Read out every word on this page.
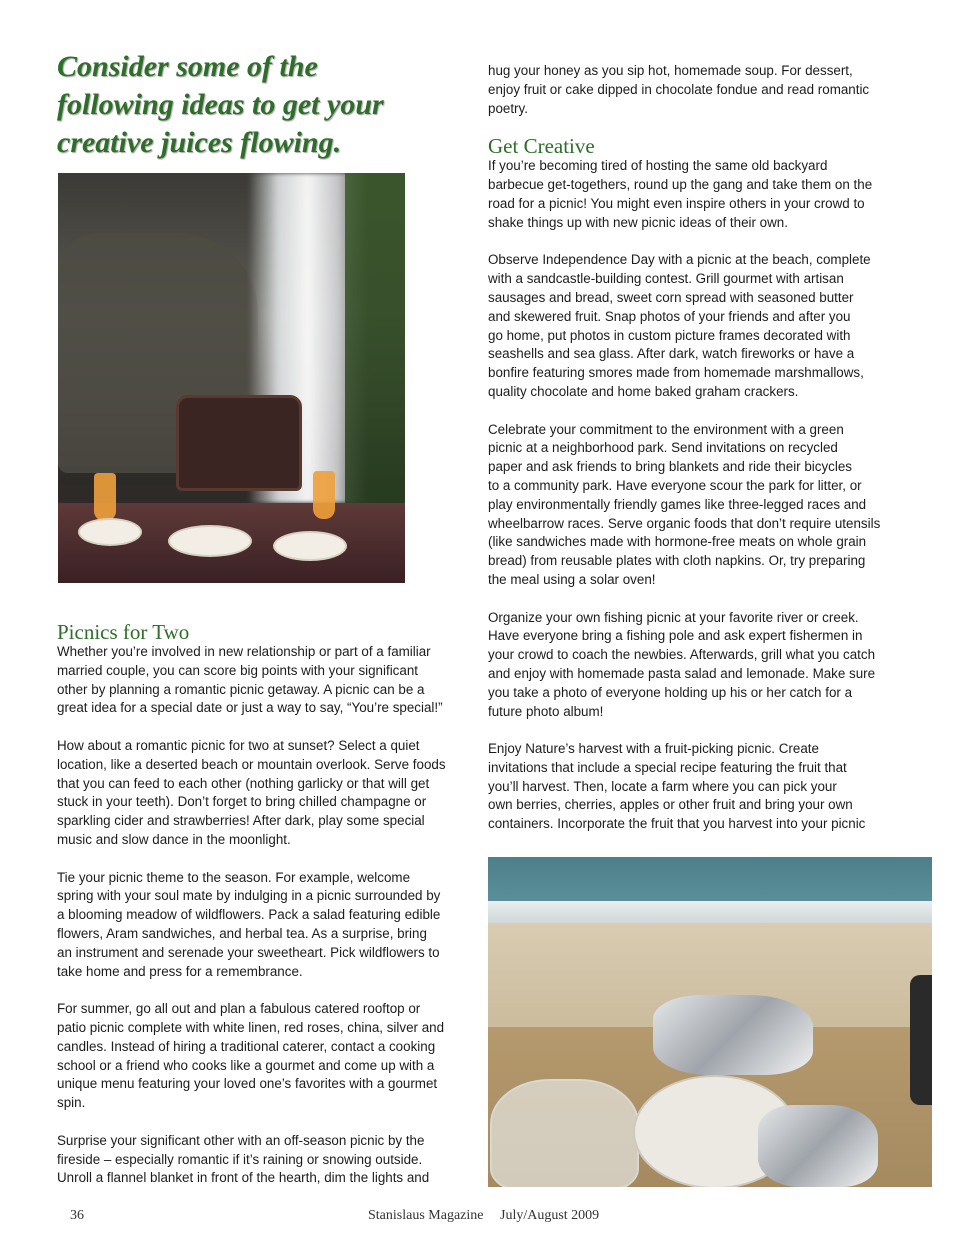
Consider some of the
following ideas to get your
creative juices flowing.
Picnics for Two

Whether you’re involved in new relationship or part of a familiar
married couple, you can score big points with your significant
other by planning a romantic picnic getaway. A picnic can be a
great idea for a special date or just a way to say, “You’re special!”

How about a romantic picnic for two at sunset? Select a quiet
location, like a deserted beach or mountain overlook. Serve foods
that you can feed to each other (nothing garlicky or that will get
stuck in your teeth). Don’t forget to bring chilled champagne or
sparkling cider and strawberries! After dark, play some special
music and slow dance in the moonlight.

Tie your picnic theme to the season. For example, welcome
spring with your soul mate by indulging in a picnic surrounded by
a blooming meadow of wildflowers. Pack a salad featuring edible
flowers, Aram sandwiches, and herbal tea. As a surprise, bring
an instrument and serenade your sweetheart. Pick wildflowers to
take home and press for a remembrance.

For summer, go all out and plan a fabulous catered rooftop or
patio picnic complete with white linen, red roses, china, silver and
candles. Instead of hiring a traditional caterer, contact a cooking
school or a friend who cooks like a gourmet and come up with a
unique menu featuring your loved one’s favorites with a gourmet
spin.

Surprise your significant other with an off-season picnic by the
fireside – especially romantic if it’s raining or snowing outside.
Unroll a flannel blanket in front of the hearth, dim the lights and

hug your honey as you sip hot, homemade soup. For dessert,
enjoy fruit or cake dipped in chocolate fondue and read romantic
poetry.

Get Creative

If you’re becoming tired of hosting the same old backyard
barbecue get-togethers, round up the gang and take them on the
road for a picnic! You might even inspire others in your crowd to
shake things up with new picnic ideas of their own.

Observe Independence Day with a picnic at the beach, complete
with a sandcastle-building contest. Grill gourmet with artisan
sausages and bread, sweet corn spread with seasoned butter
and skewered fruit. Snap photos of your friends and after you
go home, put photos in custom picture frames decorated with
seashells and sea glass. After dark, watch fireworks or have a
bonfire featuring smores made from homemade marshmallows,
quality chocolate and home baked graham crackers.

Celebrate your commitment to the environment with a green
picnic at a neighborhood park. Send invitations on recycled
paper and ask friends to bring blankets and ride their bicycles
to a community park. Have everyone scour the park for litter, or
play environmentally friendly games like three-legged races and
wheelbarrow races. Serve organic foods that don’t require utensils
(like sandwiches made with hormone-free meats on whole grain
bread) from reusable plates with cloth napkins. Or, try preparing
the meal using a solar oven!

Organize your own fishing picnic at your favorite river or creek.
Have everyone bring a fishing pole and ask expert fishermen in
your crowd to coach the newbies. Afterwards, grill what you catch
and enjoy with homemade pasta salad and lemonade. Make sure
you take a photo of everyone holding up his or her catch for a
future photo album!

Enjoy Nature’s harvest with a fruit-picking picnic. Create
invitations that include a special recipe featuring the fruit that
you’ll harvest. Then, locate a farm where you can pick your
own berries, cherries, apples or other fruit and bring your own
containers. Incorporate the fruit that you harvest into your picnic

36	Stanislaus Magazine July/August 2009
